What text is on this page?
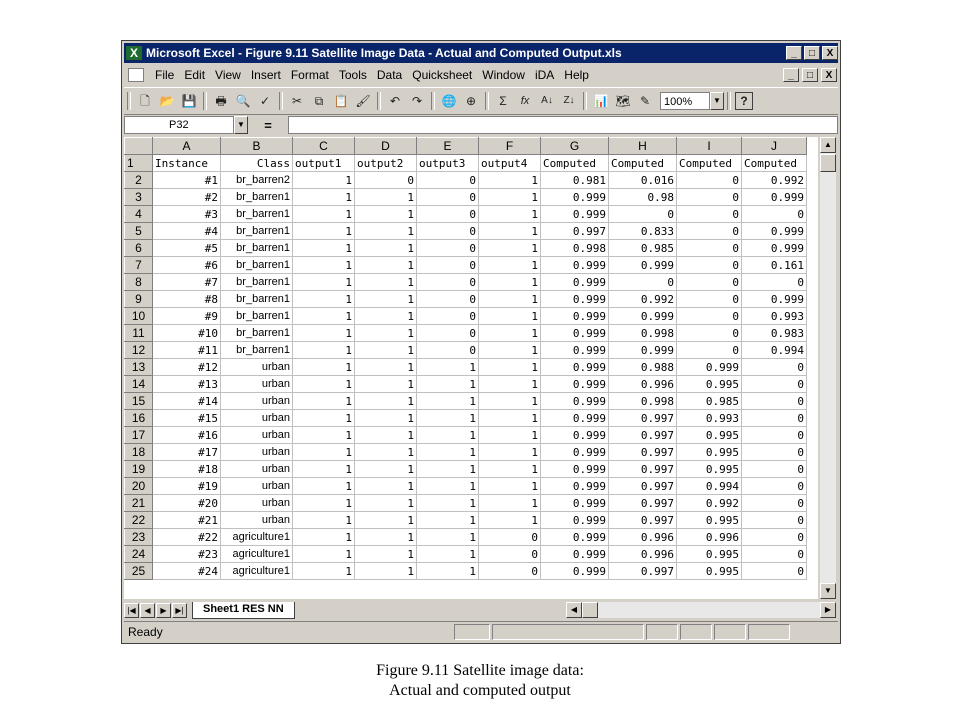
X Microsoft Excel - Figure 9.11 Satellite Image Data - Actual and Computed Output.xls	_	□	X
File Edit View Insert Format Tools Data Quicksheet Window iDA Help	_	□	X
🗋 📂 💾	🖶 🔍 ✓	✂	⧉ 📋 🖌	↶ ↷	🌐 ⊕	Σ	fx	A↓	Z↓	📊 🗺 ✎	100%	▼	?
P32	▼	=
	A	B	C	D	E	F	G	H	I	J
1	Instance	Class	output1	output2	output3	output4	Computed	Computed	Computed	Computed
2	#1	br_barren2	1	0	0	1	0.981	0.016	0	0.992
3	#2	br_barren1	1	1	0	1	0.999	0.98	0	0.999
4	#3	br_barren1	1	1	0	1	0.999	0	0	0
5	#4	br_barren1	1	1	0	1	0.997	0.833	0	0.999
6	#5	br_barren1	1	1	0	1	0.998	0.985	0	0.999
7	#6	br_barren1	1	1	0	1	0.999	0.999	0	0.161
8	#7	br_barren1	1	1	0	1	0.999	0	0	0
9	#8	br_barren1	1	1	0	1	0.999	0.992	0	0.999
10	#9	br_barren1	1	1	0	1	0.999	0.999	0	0.993
11	#10	br_barren1	1	1	0	1	0.999	0.998	0	0.983
12	#11	br_barren1	1	1	0	1	0.999	0.999	0	0.994
13	#12	urban	1	1	1	1	0.999	0.988	0.999	0
14	#13	urban	1	1	1	1	0.999	0.996	0.995	0
15	#14	urban	1	1	1	1	0.999	0.998	0.985	0
16	#15	urban	1	1	1	1	0.999	0.997	0.993	0
17	#16	urban	1	1	1	1	0.999	0.997	0.995	0
18	#17	urban	1	1	1	1	0.999	0.997	0.995	0
19	#18	urban	1	1	1	1	0.999	0.997	0.995	0
20	#19	urban	1	1	1	1	0.999	0.997	0.994	0
21	#20	urban	1	1	1	1	0.999	0.997	0.992	0
22	#21	urban	1	1	1	1	0.999	0.997	0.995	0
23	#22	agriculture1	1	1	1	0	0.999	0.996	0.996	0
24	#23	agriculture1	1	1	1	0	0.999	0.996	0.995	0
25	#24	agriculture1	1	1	1	0	0.999	0.997	0.995	0
▲
▼
|◀	◀	▶	▶|	Sheet1 RES NN	◀	▶
Ready
Figure 9.11 Satellite image data:
Actual and computed output
